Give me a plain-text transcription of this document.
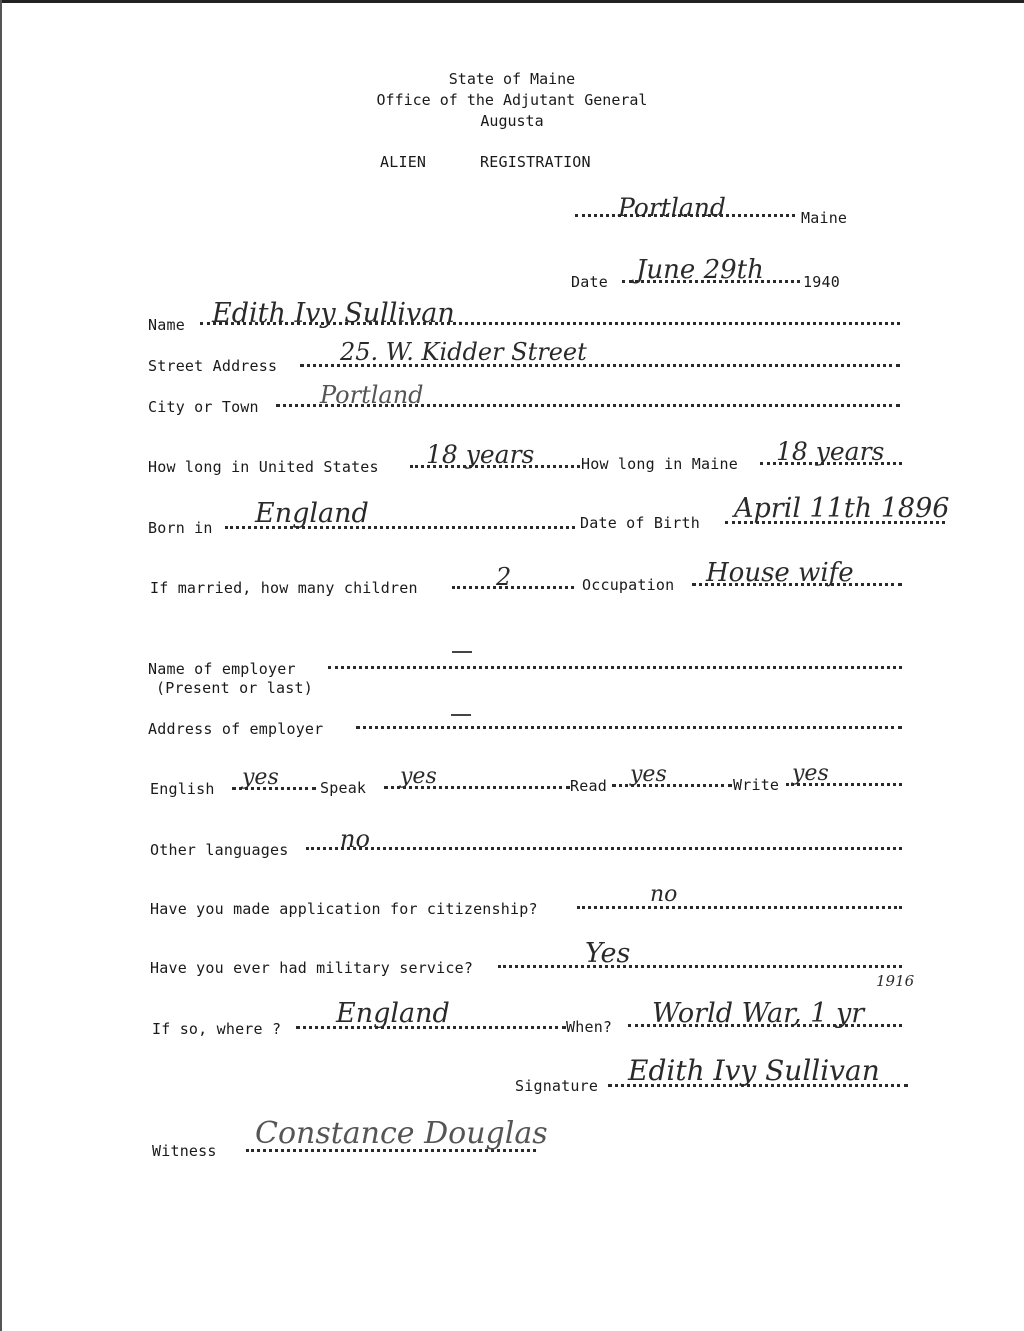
State of Maine
Office of the Adjutant General
Augusta
ALIEN	REGISTRATION
Portland	Maine
Date June 29th	1940
Name Edith Ivy Sullivan
Street Address	25. W. Kidder Street
City or Town	Portland
How long in United States 18 years	How long in Maine 18 years
Born in England	Date of Birth April 11th 1896
If married, how many children	2	Occupation House wife
Name of employer
(Present or last)
Address of employer
English yes	Speak yes	Read yes	Write yes
Other languages no
Have you made application for citizenship?
no
Have you ever had military service?	Yes
If so, where ? England	When? World War, 1 yr
1916
Signature Edith Ivy Sullivan
Witness Constance Douglas
